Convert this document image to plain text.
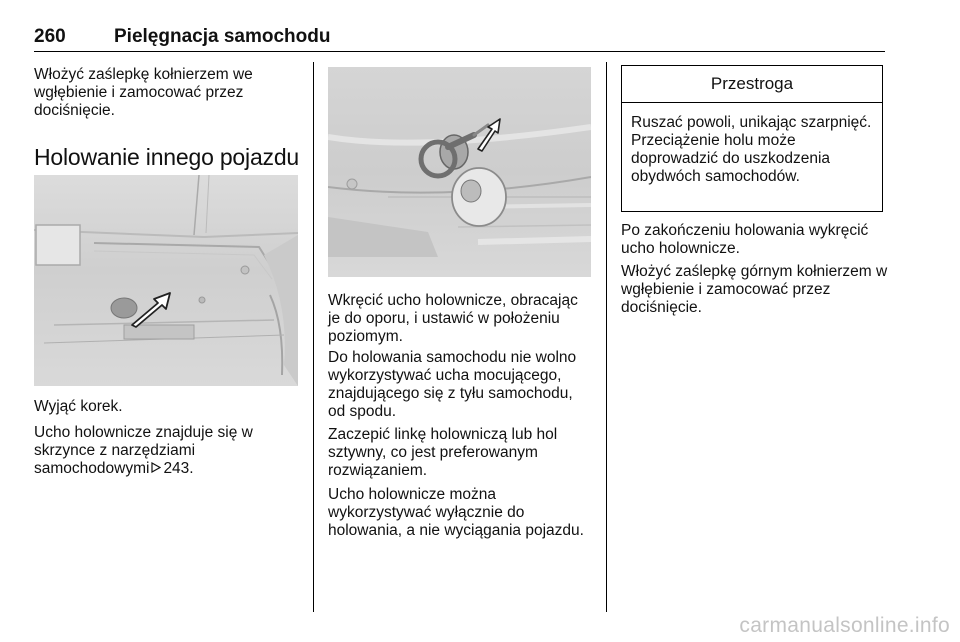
260	Pielęgnacja samochodu

Włożyć zaślepkę kołnierzem we wgłębienie i zamocować przez dociśnięcie.

Holowanie innego pojazdu

Wyjąć korek.

Ucho holownicze znajduje się w skrzynce z narzędziami samochodowymi 243.

Wkręcić ucho holownicze, obracając je do oporu, i ustawić w położeniu poziomym.

Do holowania samochodu nie wolno wykorzystywać ucha mocującego, znajdującego się z tyłu samochodu, od spodu.

Zaczepić linkę holowniczą lub hol sztywny, co jest preferowanym rozwiązaniem.

Ucho holownicze można wykorzystywać wyłącznie do holowania, a nie wyciągania pojazdu.

Przestroga

Ruszać powoli, unikając szarpnięć. Przeciążenie holu może doprowadzić do uszkodzenia obydwóch samochodów.

Po zakończeniu holowania wykręcić ucho holownicze.

Włożyć zaślepkę górnym kołnierzem w wgłębienie i zamocować przez dociśnięcie.

carmanualsonline.info
